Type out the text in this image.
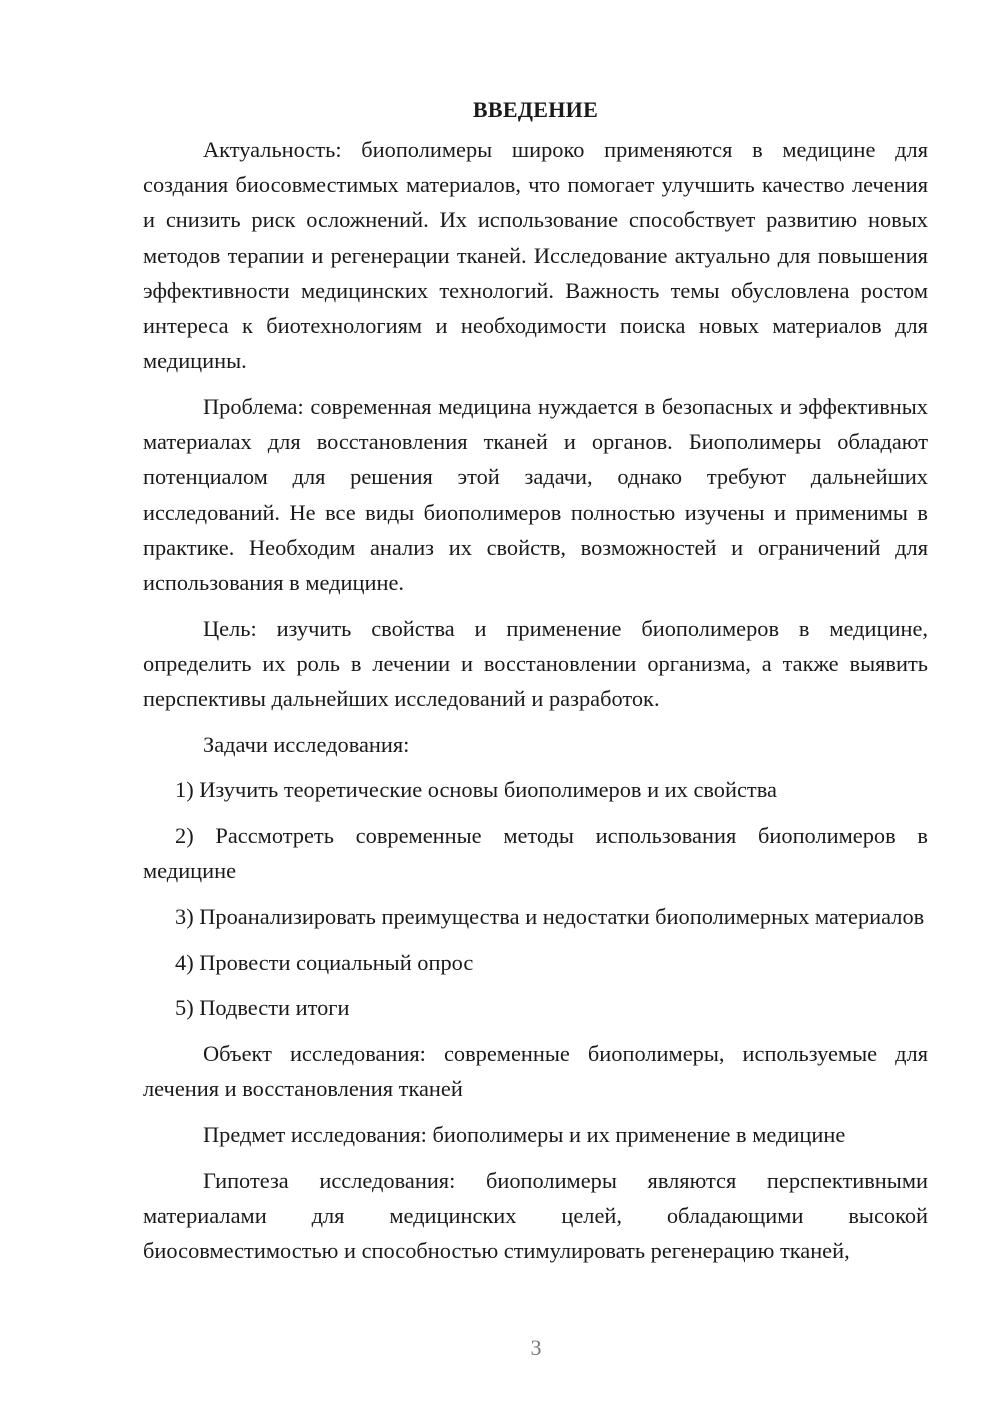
ВВЕДЕНИЕ

Актуальность: биополимеры широко применяются в медицине для создания биосовместимых материалов, что помогает улучшить качество лечения и снизить риск осложнений. Их использование способствует развитию новых методов терапии и регенерации тканей. Исследование актуально для повышения эффективности медицинских технологий. Важность темы обусловлена ростом интереса к биотехнологиям и необходимости поиска новых материалов для медицины.

Проблема: современная медицина нуждается в безопасных и эффективных материалах для восстановления тканей и органов. Биополимеры обладают потенциалом для решения этой задачи, однако требуют дальнейших исследований. Не все виды биополимеров полностью изучены и применимы в практике. Необходим анализ их свойств, возможностей и ограничений для использования в медицине.

Цель: изучить свойства и применение биополимеров в медицине, определить их роль в лечении и восстановлении организма, а также выявить перспективы дальнейших исследований и разработок.

Задачи исследования:

1) Изучить теоретические основы биополимеров и их свойства

2) Рассмотреть современные методы использования биополимеров в медицине

3) Проанализировать преимущества и недостатки биополимерных материалов

4) Провести социальный опрос

5) Подвести итоги

Объект исследования: современные биополимеры, используемые для лечения и восстановления тканей

Предмет исследования: биополимеры и их применение в медицине

Гипотеза исследования: биополимеры являются перспективными материалами для медицинских целей, обладающими высокой биосовместимостью и способностью стимулировать регенерацию тканей,

3
